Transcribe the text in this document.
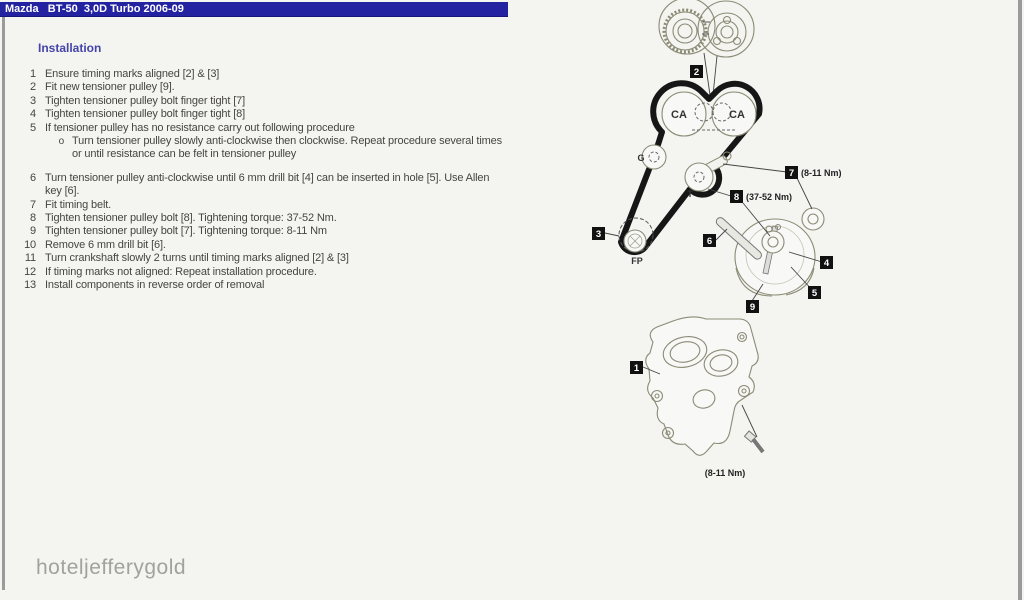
Mazda   BT-50  3,0D Turbo 2006-09
Installation
1 Ensure timing marks aligned [2] & [3]
2 Fit new tensioner pulley [9].
3 Tighten tensioner pulley bolt finger tight [7]
4 Tighten tensioner pulley bolt finger tight [8]
5 If tensioner pulley has no resistance carry out following procedure
o Turn tensioner pulley slowly anti-clockwise then clockwise. Repeat procedure several times or until resistance can be felt in tensioner pulley
6 Turn tensioner pulley anti-clockwise until 6 mm drill bit [4] can be inserted in hole [5]. Use Allen key [6].
7 Fit timing belt.
8 Tighten tensioner pulley bolt [8]. Tightening torque: 37-52 Nm.
9 Tighten tensioner pulley bolt [7]. Tightening torque: 8-11 Nm
10 Remove 6 mm drill bit [6].
11 Turn crankshaft slowly 2 turns until timing marks aligned [2] & [3]
12 If timing marks not aligned: Repeat installation procedure.
13 Install components in reverse order of removal
CA	CA
G
T
FP
2
3
7
8
6
4
5
9
1
(8-11 Nm)
(37-52 Nm)
(8-11 Nm)
hoteljefferygold
